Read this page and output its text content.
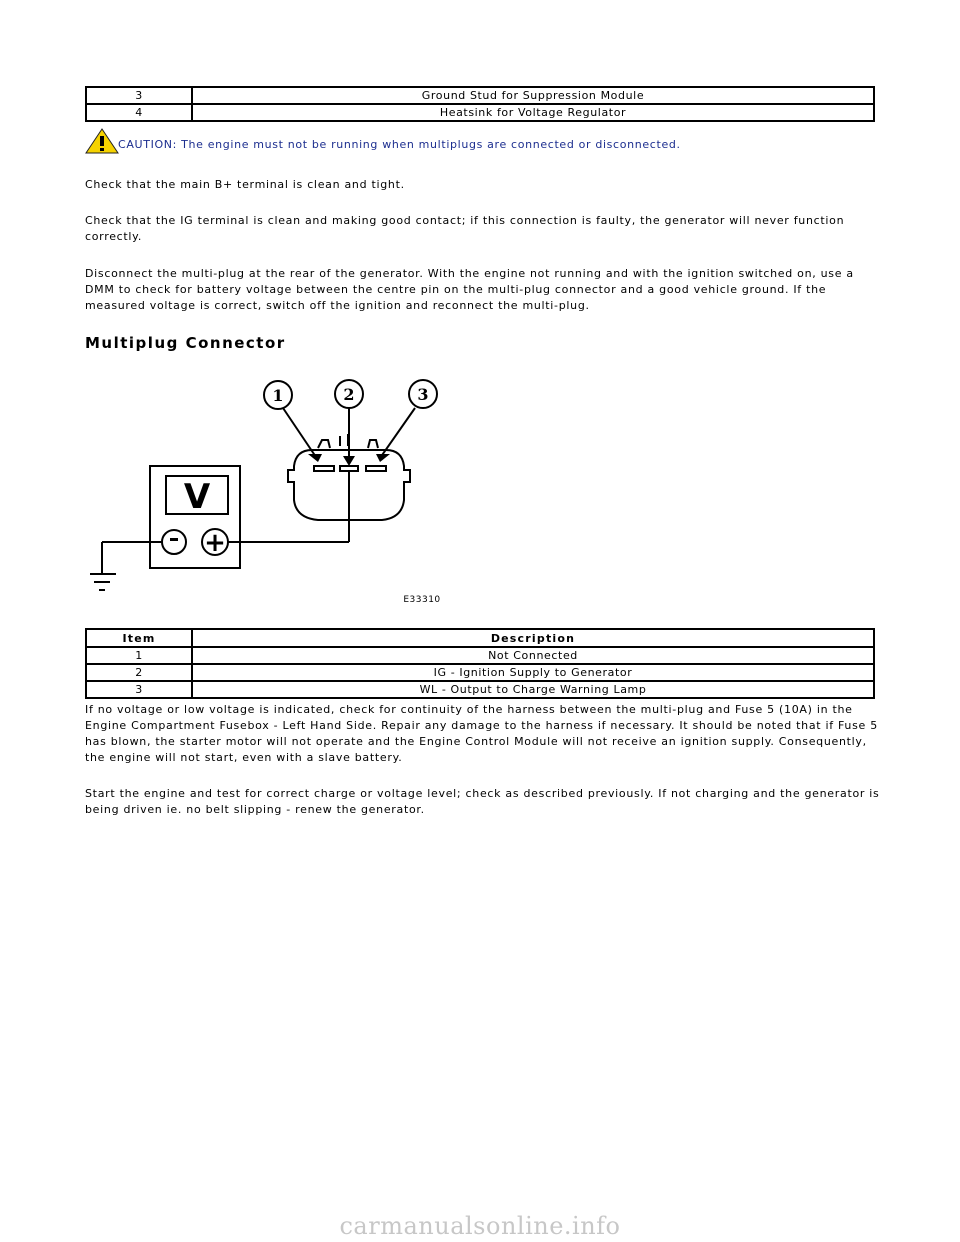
3	Ground Stud for Suppression Module
4	Heatsink for Voltage Regulator
CAUTION: The engine must not be running when multiplugs are connected or disconnected.

Check that the main B+ terminal is clean and tight.

Check that the IG terminal is clean and making good contact; if this connection is faulty, the generator will never function correctly.

Disconnect the multi-plug at the rear of the generator. With the engine not running and with the ignition switched on, use a DMM to check for battery voltage between the centre pin on the multi-plug connector and a good vehicle ground. If the measured voltage is correct, switch off the ignition and reconnect the multi-plug.

Multiplug Connector
1	2	3
V
- +
E33310
Item	Description
1	Not Connected
2	IG - Ignition Supply to Generator
3	WL - Output to Charge Warning Lamp

If no voltage or low voltage is indicated, check for continuity of the harness between the multi-plug and Fuse 5 (10A) in the Engine Compartment Fusebox - Left Hand Side. Repair any damage to the harness if necessary. It should be noted that if Fuse 5 has blown, the starter motor will not operate and the Engine Control Module will not receive an ignition supply. Consequently, the engine will not start, even with a slave battery.

Start the engine and test for correct charge or voltage level; check as described previously. If not charging and the generator is being driven ie. no belt slipping - renew the generator.

carmanualsonline.info
